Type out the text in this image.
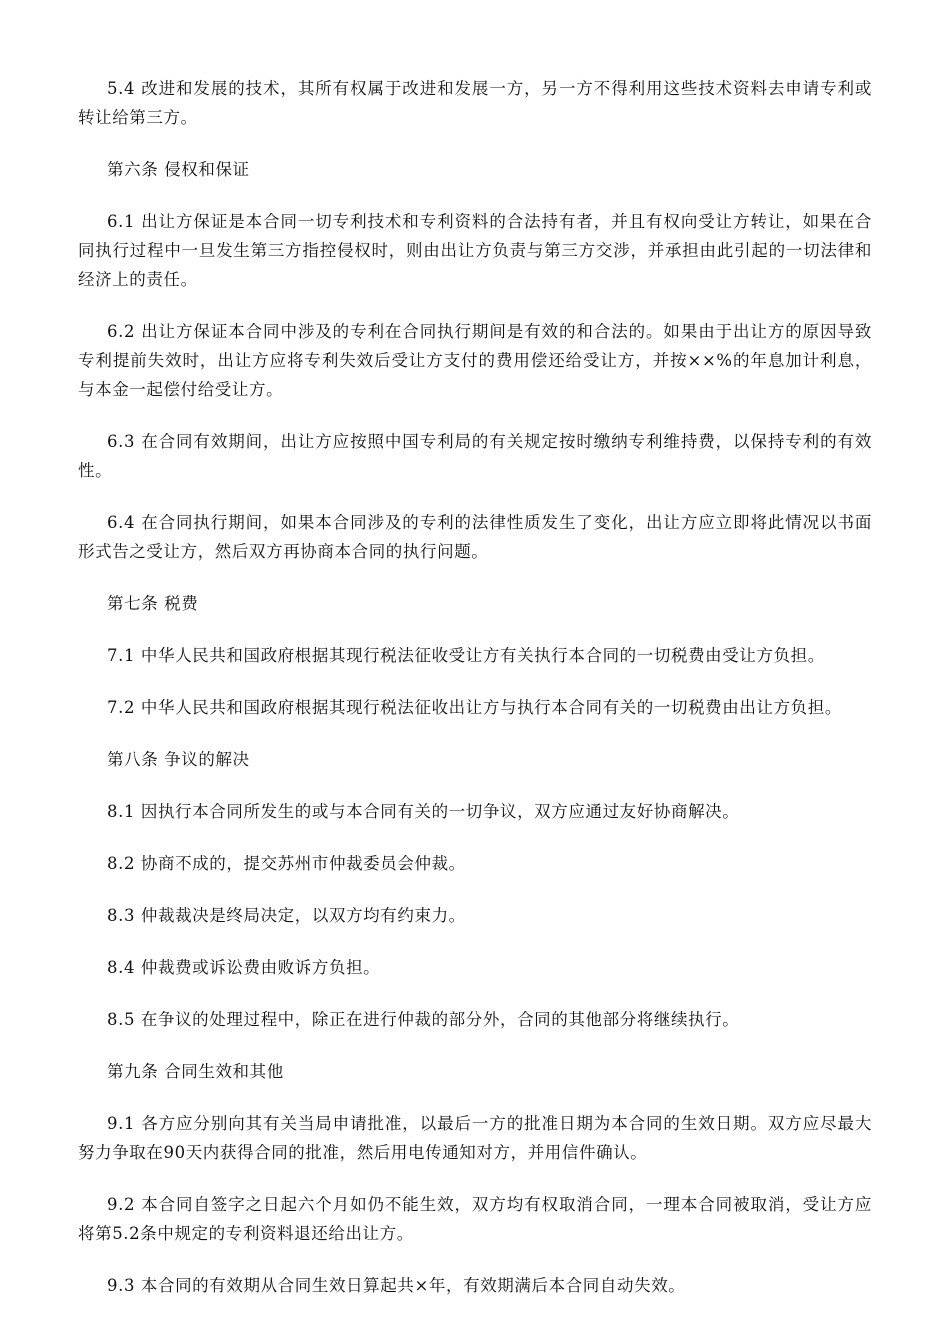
5.4 改进和发展的技术，其所有权属于改进和发展一方，另一方不得利用这些技术资料去申请专利或转让给第三方。

第六条 侵权和保证

6.1 出让方保证是本合同一切专利技术和专利资料的合法持有者，并且有权向受让方转让，如果在合同执行过程中一旦发生第三方指控侵权时，则由出让方负责与第三方交涉，并承担由此引起的一切法律和经济上的责任。

6.2 出让方保证本合同中涉及的专利在合同执行期间是有效的和合法的。如果由于出让方的原因导致专利提前失效时，出让方应将专利失效后受让方支付的费用偿还给受让方，并按××%的年息加计利息，与本金一起偿付给受让方。

6.3 在合同有效期间，出让方应按照中国专利局的有关规定按时缴纳专利维持费，以保持专利的有效性。

6.4 在合同执行期间，如果本合同涉及的专利的法律性质发生了变化，出让方应立即将此情况以书面形式告之受让方，然后双方再协商本合同的执行问题。

第七条 税费

7.1 中华人民共和国政府根据其现行税法征收受让方有关执行本合同的一切税费由受让方负担。

7.2 中华人民共和国政府根据其现行税法征收出让方与执行本合同有关的一切税费由出让方负担。

第八条 争议的解决

8.1 因执行本合同所发生的或与本合同有关的一切争议，双方应通过友好协商解决。

8.2 协商不成的，提交苏州市仲裁委员会仲裁。

8.3 仲裁裁决是终局决定，以双方均有约束力。

8.4 仲裁费或诉讼费由败诉方负担。

8.5 在争议的处理过程中，除正在进行仲裁的部分外，合同的其他部分将继续执行。

第九条 合同生效和其他

9.1 各方应分别向其有关当局申请批准，以最后一方的批准日期为本合同的生效日期。双方应尽最大努力争取在90天内获得合同的批准，然后用电传通知对方，并用信件确认。

9.2 本合同自签字之日起六个月如仍不能生效，双方均有权取消合同，一理本合同被取消，受让方应将第5.2条中规定的专利资料退还给出让方。

9.3 本合同的有效期从合同生效日算起共×年，有效期满后本合同自动失效。
